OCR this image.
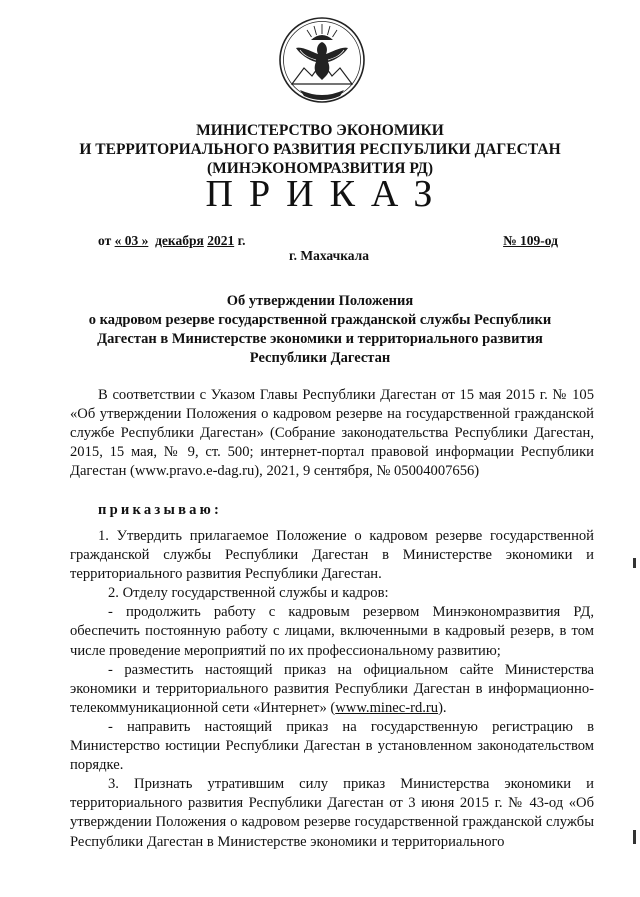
МИНИСТЕРСТВО ЭКОНОМИКИ
И ТЕРРИТОРИАЛЬНОГО РАЗВИТИЯ РЕСПУБЛИКИ ДАГЕСТАН
(МИНЭКОНОМРАЗВИТИЯ РД)
ПРИКАЗ
от « 03 » декабря 2021 г.	№ 109-од
г. Махачкала
Об утверждении Положения
о кадровом резерве государственной гражданской службы Республики
Дагестан в Министерстве экономики и территориального развития
Республики Дагестан

В соответствии с Указом Главы Республики Дагестан от 15 мая 2015 г. № 105 «Об утверждении Положения о кадровом резерве на государственной гражданской службе Республики Дагестан» (Собрание законодательства Республики Дагестан, 2015, 15 мая, № 9, ст. 500; интернет-портал правовой информации Республики Дагестан (www.pravo.e-dag.ru), 2021, 9 сентября, № 05004007656)

приказываю:

1. Утвердить прилагаемое Положение о кадровом резерве государственной гражданской службы Республики Дагестан в Министерстве экономики и территориального развития Республики Дагестан.

2. Отделу государственной службы и кадров:

- продолжить работу с кадровым резервом Минэкономразвития РД, обеспечить постоянную работу с лицами, включенными в кадровый резерв, в том числе проведение мероприятий по их профессиональному развитию;

- разместить настоящий приказ на официальном сайте Министерства экономики и территориального развития Республики Дагестан в информационно-телекоммуникационной сети «Интернет» (www.minec-rd.ru).

- направить настоящий приказ на государственную регистрацию в Министерство юстиции Республики Дагестан в установленном законодательством порядке.

3. Признать утратившим силу приказ Министерства экономики и территориального развития Республики Дагестан от 3 июня 2015 г. № 43-од «Об утверждении Положения о кадровом резерве государственной гражданской службы Республики Дагестан в Министерстве экономики и территориального
